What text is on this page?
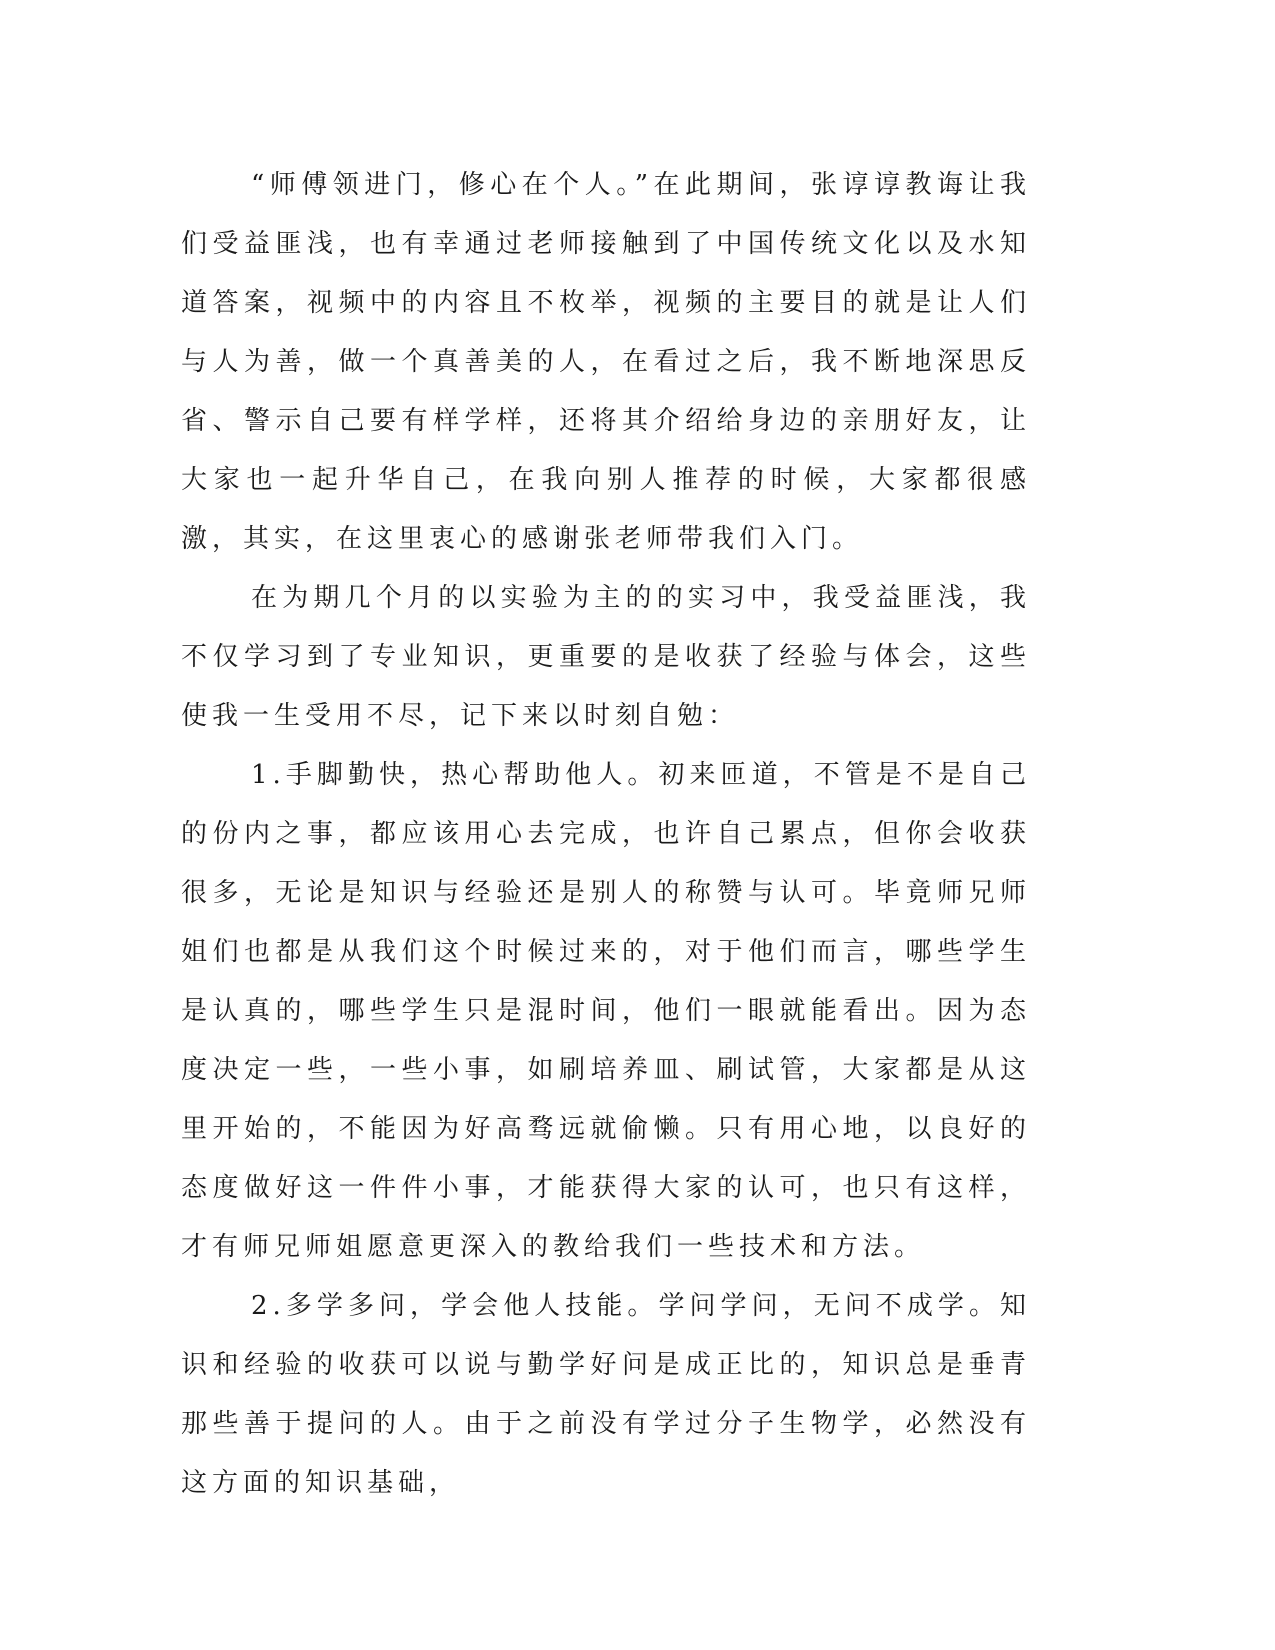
“师傅领进门，修心在个人。”在此期间，张谆谆教诲让我们受益匪浅，也有幸通过老师接触到了中国传统文化以及水知道答案，视频中的内容且不枚举，视频的主要目的就是让人们与人为善，做一个真善美的人，在看过之后，我不断地深思反省、警示自己要有样学样，还将其介绍给身边的亲朋好友，让大家也一起升华自己，在我向别人推荐的时候，大家都很感激，其实，在这里衷心的感谢张老师带我们入门。

在为期几个月的以实验为主的的实习中，我受益匪浅，我不仅学习到了专业知识，更重要的是收获了经验与体会，这些使我一生受用不尽，记下来以时刻自勉：

1.手脚勤快，热心帮助他人。初来匝道，不管是不是自己的份内之事，都应该用心去完成，也许自己累点，但你会收获很多，无论是知识与经验还是别人的称赞与认可。毕竟师兄师姐们也都是从我们这个时候过来的，对于他们而言，哪些学生是认真的，哪些学生只是混时间，他们一眼就能看出。因为态度决定一些，一些小事，如刷培养皿、刷试管，大家都是从这里开始的，不能因为好高骛远就偷懒。只有用心地，以良好的态度做好这一件件小事，才能获得大家的认可，也只有这样，才有师兄师姐愿意更深入的教给我们一些技术和方法。

2.多学多问，学会他人技能。学问学问，无问不成学。知识和经验的收获可以说与勤学好问是成正比的，知识总是垂青那些善于提问的人。由于之前没有学过分子生物学，必然没有这方面的知识基础，
